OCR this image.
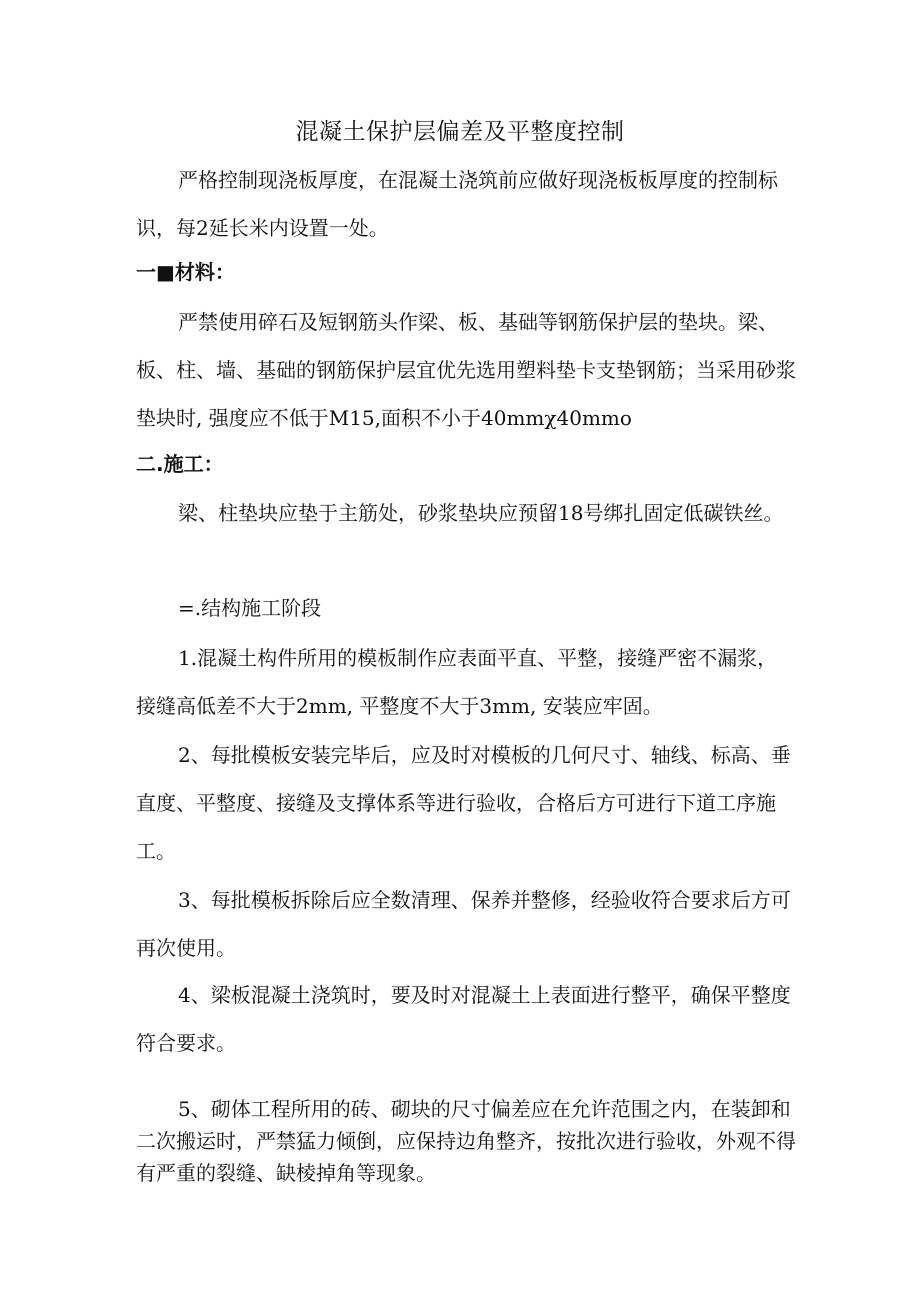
混凝土保护层偏差及平整度控制
严格控制现浇板厚度，在混凝土浇筑前应做好现浇板板厚度的控制标识，每2延长米内设置一处。
一■材料：
严禁使用碎石及短钢筋头作梁、板、基础等钢筋保护层的垫块。梁、板、柱、墙、基础的钢筋保护层宜优先选用塑料垫卡支垫钢筋；当采用砂浆垫块时, 强度应不低于M15,面积不小于40mmχ40mmo
二.施工：
梁、柱垫块应垫于主筋处，砂浆垫块应预留18号绑扎固定低碳铁丝。
=.结构施工阶段
1.混凝土构件所用的模板制作应表面平直、平整，接缝严密不漏浆，接缝高低差不大于2mm, 平整度不大于3mm, 安装应牢固。
2、每批模板安装完毕后，应及时对模板的几何尺寸、轴线、标高、垂直度、平整度、接缝及支撑体系等进行验收，合格后方可进行下道工序施工。
3、每批模板拆除后应全数清理、保养并整修，经验收符合要求后方可再次使用。
4、梁板混凝土浇筑时，要及时对混凝土上表面进行整平，确保平整度符合要求。
5、砌体工程所用的砖、砌块的尺寸偏差应在允许范围之内，在装卸和二次搬运时，严禁猛力倾倒，应保持边角整齐，按批次进行验收，外观不得有严重的裂缝、缺棱掉角等现象。
